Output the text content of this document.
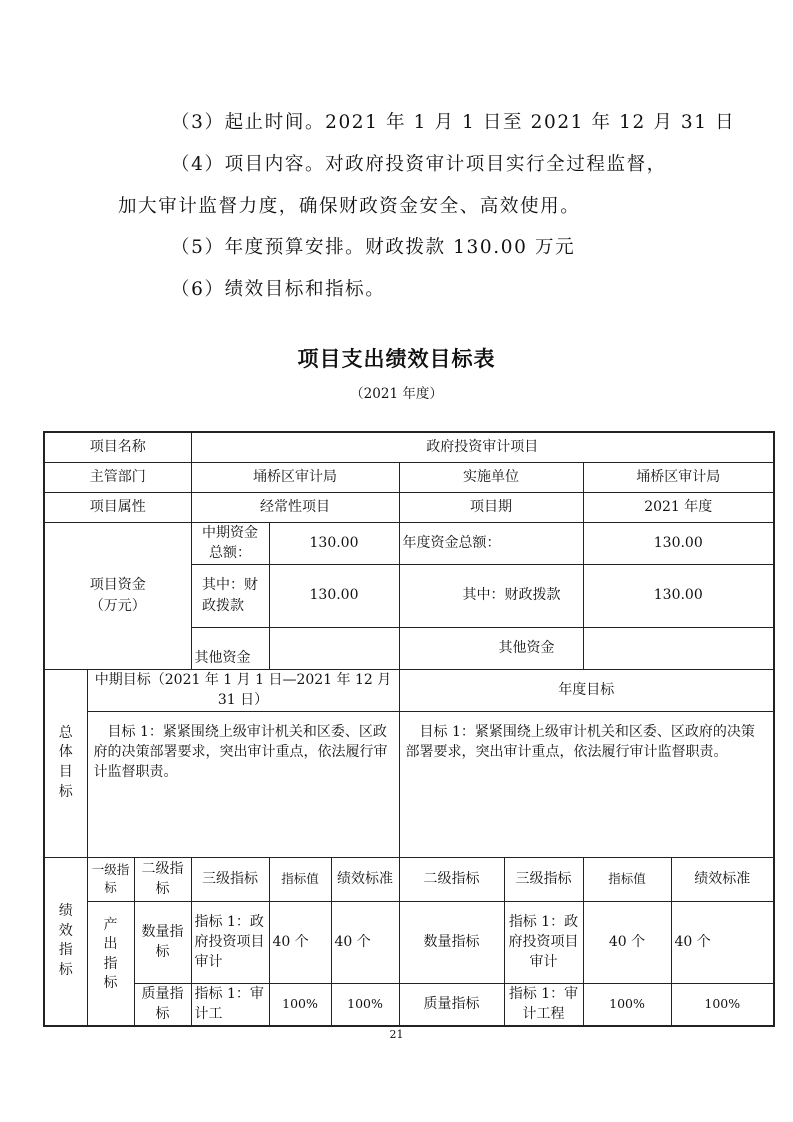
（3）起止时间。2021 年 1 月 1 日至 2021 年 12 月 31 日
（4）项目内容。对政府投资审计项目实行全过程监督，
加大审计监督力度，确保财政资金安全、高效使用。
（5）年度预算安排。财政拨款 130.00 万元
（6）绩效目标和指标。
项目支出绩效目标表
（2021 年度）
项目名称			政府投资审计项目						
主管部门			埇桥区审计局			实施单位		埇桥区审计局	
项目属性			经常性项目			项目期		2021 年度	

项目资金（万元）			中期资金总额：	130.00		年度资金总额：		130.00	

			其中：财政拨款	130.00		其中：财政拨款		130.00	
			其他资金			其他资金			

总体目标	中期目标（2021 年 1 月 1 日—2021 年 12 月 31 日）					年度目标			
	目标 1：紧紧围绕上级审计机关和区委、区政府的决策部署要求，突出审计重点，依法履行审计监督职责。					目标 1：紧紧围绕上级审计机关和区委、区政府的决策部署要求，突出审计重点，依法履行审计监督职责。			

绩效指标	一级指标	二级指标	三级指标	指标值	绩效标准	二级指标	三级指标	指标值	绩效标准

	产出指标	数量指标	指标 1：政府投资项目审计	40 个	40 个	数量指标	指标 1：政府投资项目审计	40 个	40 个
		质量指标	指标 1：审计工	100%	100%	质量指标	指标 1：审计工程	100%	100%
21
